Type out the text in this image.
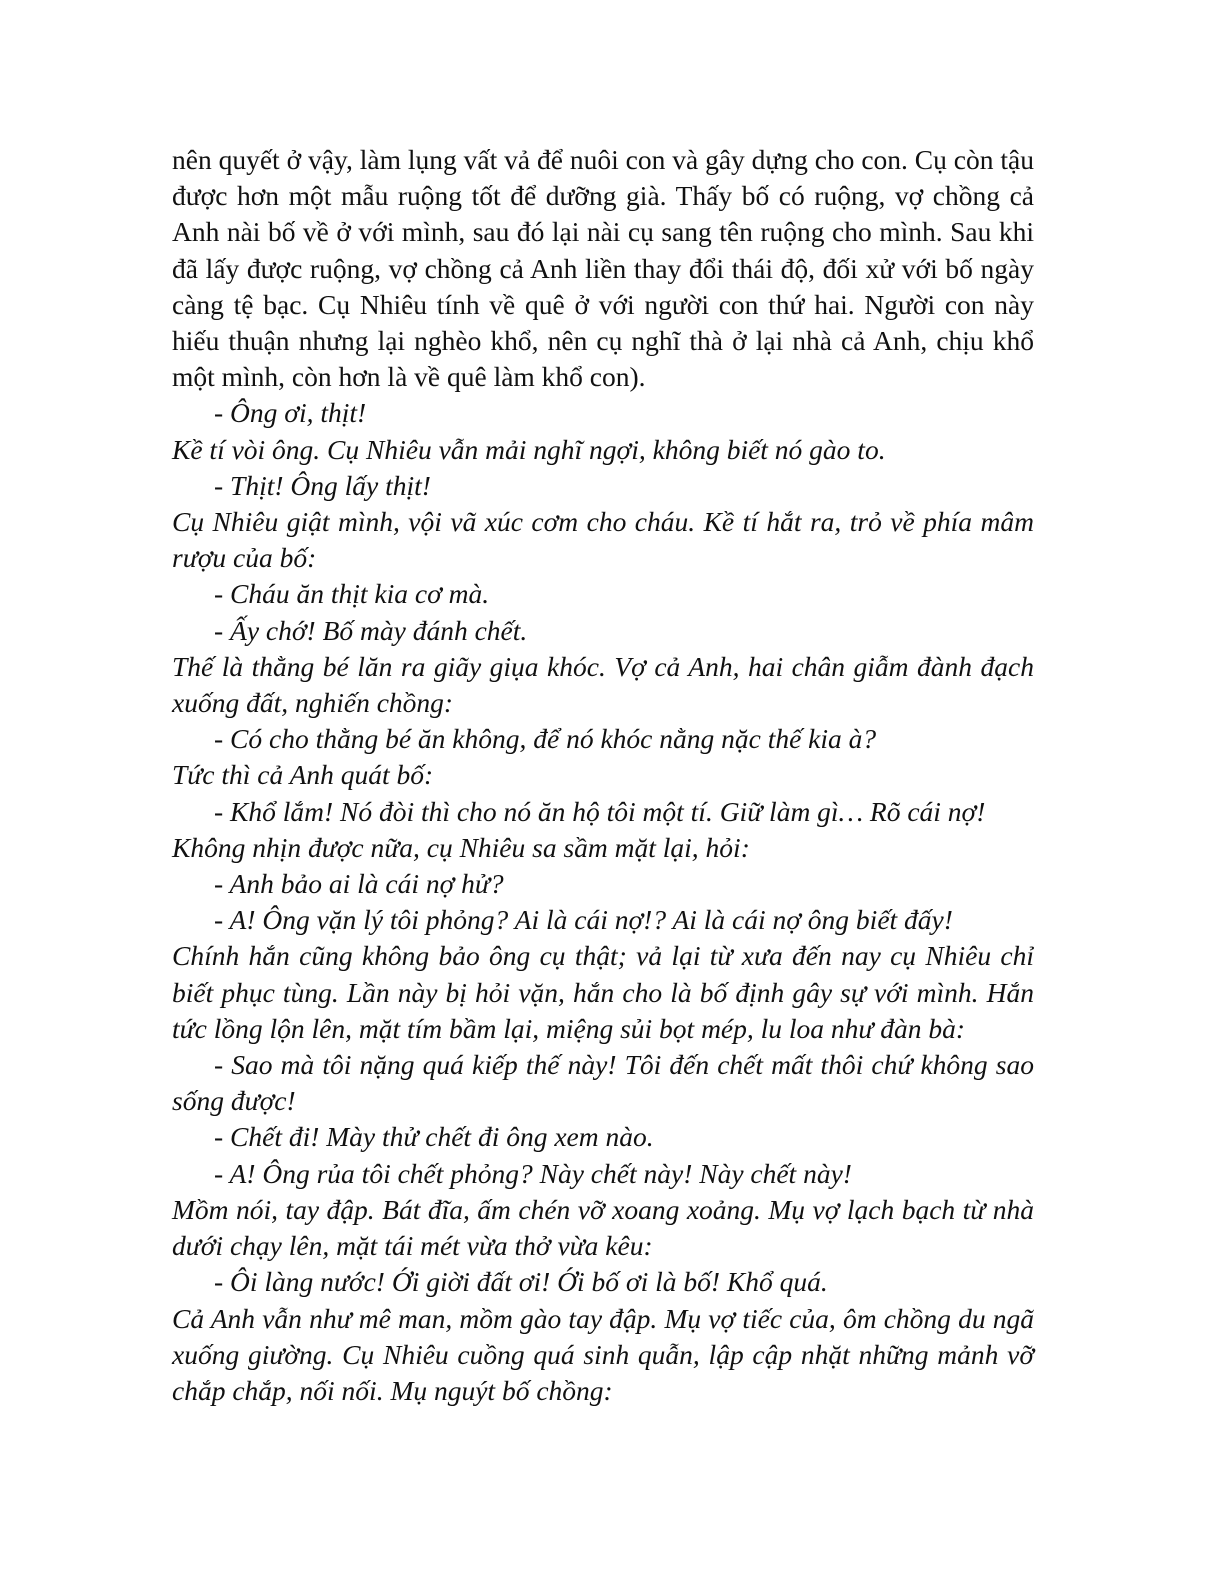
nên quyết ở vậy, làm lụng vất vả để nuôi con và gây dựng cho con. Cụ còn tậu được hơn một mẫu ruộng tốt để dưỡng già. Thấy bố có ruộng, vợ chồng cả Anh nài bố về ở với mình, sau đó lại nài cụ sang tên ruộng cho mình. Sau khi đã lấy được ruộng, vợ chồng cả Anh liền thay đổi thái độ, đối xử với bố ngày càng tệ bạc. Cụ Nhiêu tính về quê ở với người con thứ hai. Người con này hiếu thuận nhưng lại nghèo khổ, nên cụ nghĩ thà ở lại nhà cả Anh, chịu khổ một mình, còn hơn là về quê làm khổ con).

- Ông ơi, thịt!

Kề tí vòi ông. Cụ Nhiêu vẫn mải nghĩ ngợi, không biết nó gào to.

- Thịt! Ông lấy thịt!

Cụ Nhiêu giật mình, vội vã xúc cơm cho cháu. Kề tí hắt ra, trỏ về phía mâm rượu của bố:

- Cháu ăn thịt kia cơ mà.

- Ấy chớ! Bố mày đánh chết.

Thế là thằng bé lăn ra giãy giụa khóc. Vợ cả Anh, hai chân giẫm đành đạch xuống đất, nghiến chồng:

- Có cho thằng bé ăn không, để nó khóc nằng nặc thế kia à?

Tức thì cả Anh quát bố:

- Khổ lắm! Nó đòi thì cho nó ăn hộ tôi một tí. Giữ làm gì… Rõ cái nợ!

Không nhịn được nữa, cụ Nhiêu sa sầm mặt lại, hỏi:

- Anh bảo ai là cái nợ hử?

- A! Ông vặn lý tôi phỏng? Ai là cái nợ!? Ai là cái nợ ông biết đấy!

Chính hắn cũng không bảo ông cụ thật; vả lại từ xưa đến nay cụ Nhiêu chỉ biết phục tùng. Lần này bị hỏi vặn, hắn cho là bố định gây sự với mình. Hắn tức lồng lộn lên, mặt tím bầm lại, miệng sủi bọt mép, lu loa như đàn bà:

- Sao mà tôi nặng quá kiếp thế này! Tôi đến chết mất thôi chứ không sao sống được!

- Chết đi! Mày thử chết đi ông xem nào.

- A! Ông rủa tôi chết phỏng? Này chết này! Này chết này!

Mồm nói, tay đập. Bát đĩa, ấm chén vỡ xoang xoảng. Mụ vợ lạch bạch từ nhà dưới chạy lên, mặt tái mét vừa thở vừa kêu:

- Ôi làng nước! Ới giời đất ơi! Ới bố ơi là bố! Khổ quá.

Cả Anh vẫn như mê man, mồm gào tay đập. Mụ vợ tiếc của, ôm chồng du ngã xuống giường. Cụ Nhiêu cuồng quá sinh quẫn, lập cập nhặt những mảnh vỡ chắp chắp, nối nối. Mụ nguýt bố chồng:
